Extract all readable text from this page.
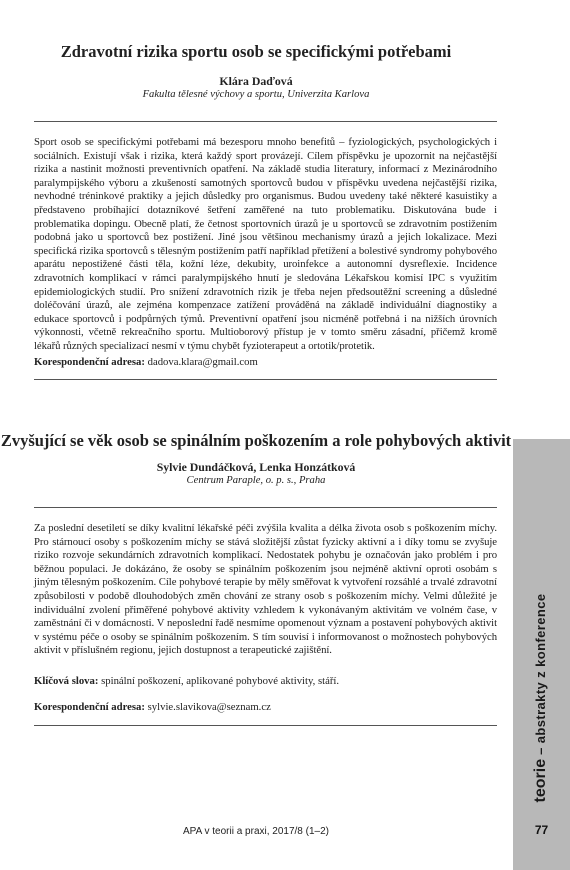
Zdravotní rizika sportu osob se specifickými potřebami

Klára Daďová

Fakulta tělesné výchovy a sportu, Univerzita Karlova

Sport osob se specifickými potřebami má bezesporu mnoho benefitů – fyziologických, psychologických i sociálních. Existují však i rizika, která každý sport provázejí. Cílem příspěvku je upozornit na nejčastější rizika a nastinit možnosti preventivních opatření. Na základě studia literatury, informací z Mezinárodního paralympijského výboru a zkušeností samotných sportovců budou v příspěvku uvedena nejčastější rizika, nevhodné tréninkové praktiky a jejich důsledky pro organismus. Budou uvedeny také některé kasuistiky a představeno probíhající dotazníkové šetření zaměřené na tuto problematiku. Diskutována bude i problematika dopingu. Obecně platí, že četnost sportovních úrazů je u sportovců se zdravotním postižením podobná jako u sportovců bez postižení. Jiné jsou většinou mechanismy úrazů a jejich lokalizace. Mezi specifická rizika sportovců s tělesným postižením patří například přetížení a bolestivé syndromy pohybového aparátu nepostižené části těla, kožní léze, dekubity, uroinfekce a autonomní dysreflexie. Incidence zdravotních komplikací v rámci paralympijského hnutí je sledována Lékařskou komisí IPC s využitím epidemiologických studií. Pro snížení zdravotních rizik je třeba nejen předsoutěžní screening a důsledné doléčování úrazů, ale zejména kompenzace zatížení prováděná na základě individuální diagnostiky a edukace sportovců i podpůrných týmů. Preventivní opatření jsou nicméně potřebná i na nižších úrovních výkonnosti, včetně rekreačního sportu. Multioborový přístup je v tomto směru zásadní, přičemž kromě lékařů různých specializací nesmí v týmu chybět fyzioterapeut a ortotik/protetik.

Korespondenční adresa: dadova.klara@gmail.com

Zvyšující se věk osob se spinálním poškozením a role pohybových aktivit

Sylvie Dundáčková, Lenka Honzátková

Centrum Paraple, o. p. s., Praha

Za poslední desetiletí se díky kvalitní lékařské péči zvýšila kvalita a délka života osob s poškozením míchy. Pro stárnoucí osoby s poškozením míchy se stává složitější zůstat fyzicky aktivní a i díky tomu se zvyšuje riziko rozvoje sekundárních zdravotních komplikací. Nedostatek pohybu je označován jako problém i pro běžnou populaci. Je dokázáno, že osoby se spinálním poškozením jsou nejméně aktivní oproti osobám s jiným tělesným poškozením. Cíle pohybové terapie by měly směřovat k vytvoření rozsáhlé a trvalé zdravotní způsobilosti v podobě dlouhodobých změn chování ze strany osob s poškozením míchy. Velmi důležité je individuální zvolení přiměřené pohybové aktivity vzhledem k vykonávaným aktivitám ve volném čase, v zaměstnání či v domácnosti. V neposlední řadě nesmíme opomenout význam a postavení pohybových aktivit v systému péče o osoby se spinálním poškozením. S tím souvisí i informovanost o možnostech pohybových aktivit v příslušném regionu, jejich dostupnost a terapeutické zajištění.

Klíčová slova: spinální poškození, aplikované pohybové aktivity, stáří.

Korespondenční adresa: sylvie.slavikova@seznam.cz

teorie – abstrakty z konference
APA v teorii a praxi, 2017/8 (1–2)	77
